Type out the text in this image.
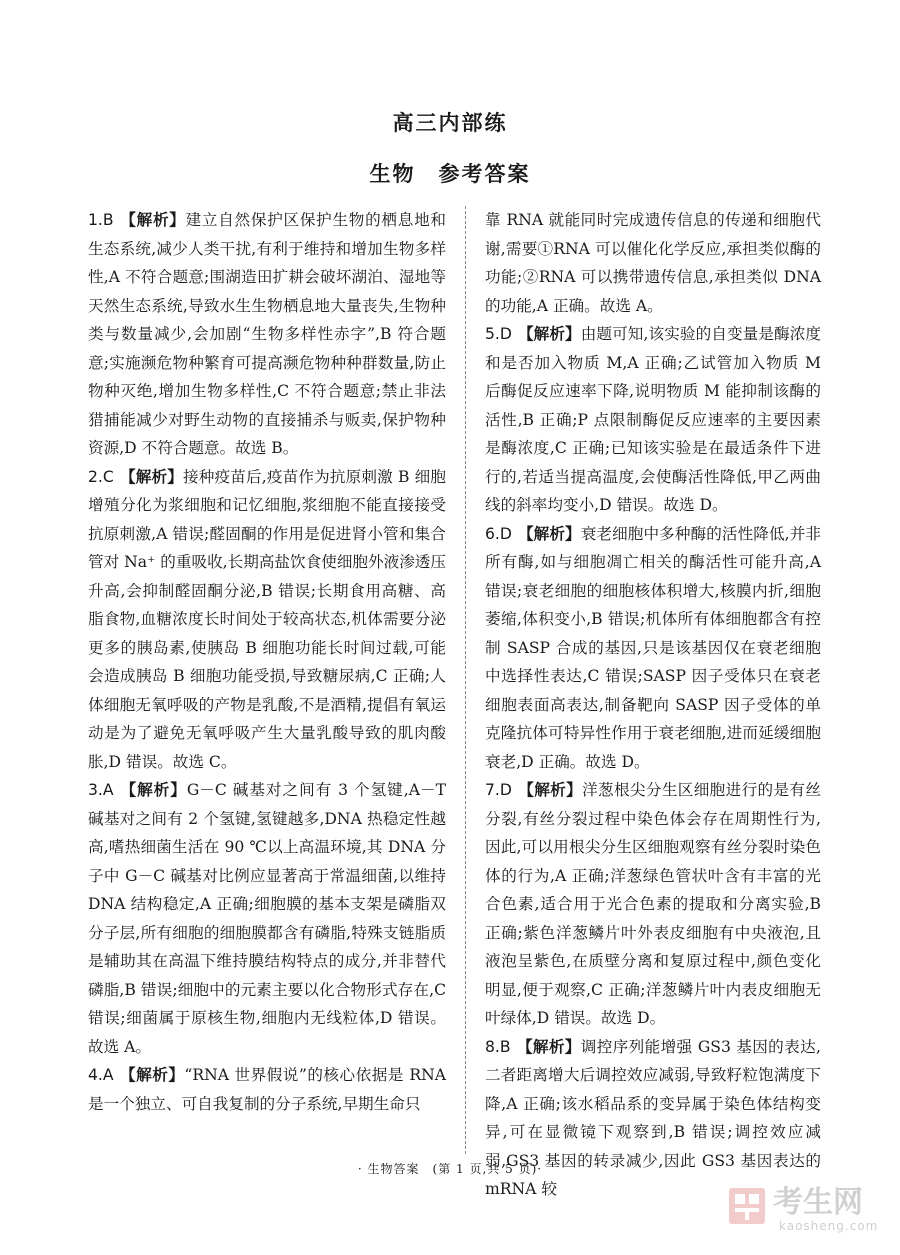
高三内部练
生物　参考答案

1.B 【解析】建立自然保护区保护生物的栖息地和生态系统,减少人类干扰,有利于维持和增加生物多样性,A 不符合题意;围湖造田扩耕会破坏湖泊、湿地等天然生态系统,导致水生生物栖息地大量丧失,生物种类与数量减少,会加剧“生物多样性赤字”,B 符合题意;实施濒危物种繁育可提高濒危物种种群数量,防止物种灭绝,增加生物多样性,C 不符合题意;禁止非法猎捕能减少对野生动物的直接捕杀与贩卖,保护物种资源,D 不符合题意。故选 B。

2.C 【解析】接种疫苗后,疫苗作为抗原刺激 B 细胞增殖分化为浆细胞和记忆细胞,浆细胞不能直接接受抗原刺激,A 错误;醛固酮的作用是促进肾小管和集合管对 Na⁺ 的重吸收,长期高盐饮食使细胞外液渗透压升高,会抑制醛固酮分泌,B 错误;长期食用高糖、高脂食物,血糖浓度长时间处于较高状态,机体需要分泌更多的胰岛素,使胰岛 B 细胞功能长时间过载,可能会造成胰岛 B 细胞功能受损,导致糖尿病,C 正确;人体细胞无氧呼吸的产物是乳酸,不是酒精,提倡有氧运动是为了避免无氧呼吸产生大量乳酸导致的肌肉酸胀,D 错误。故选 C。

3.A 【解析】G－C 碱基对之间有 3 个氢键,A－T 碱基对之间有 2 个氢键,氢键越多,DNA 热稳定性越高,嗜热细菌生活在 90 ℃以上高温环境,其 DNA 分子中 G－C 碱基对比例应显著高于常温细菌,以维持 DNA 结构稳定,A 正确;细胞膜的基本支架是磷脂双分子层,所有细胞的细胞膜都含有磷脂,特殊支链脂质是辅助其在高温下维持膜结构特点的成分,并非替代磷脂,B 错误;细胞中的元素主要以化合物形式存在,C 错误;细菌属于原核生物,细胞内无线粒体,D 错误。故选 A。

4.A 【解析】“RNA 世界假说”的核心依据是 RNA 是一个独立、可自我复制的分子系统,早期生命只

靠 RNA 就能同时完成遗传信息的传递和细胞代谢,需要①RNA 可以催化化学反应,承担类似酶的功能;②RNA 可以携带遗传信息,承担类似 DNA 的功能,A 正确。故选 A。

5.D 【解析】由题可知,该实验的自变量是酶浓度和是否加入物质 M,A 正确;乙试管加入物质 M 后酶促反应速率下降,说明物质 M 能抑制该酶的活性,B 正确;P 点限制酶促反应速率的主要因素是酶浓度,C 正确;已知该实验是在最适条件下进行的,若适当提高温度,会使酶活性降低,甲乙两曲线的斜率均变小,D 错误。故选 D。

6.D 【解析】衰老细胞中多种酶的活性降低,并非所有酶,如与细胞凋亡相关的酶活性可能升高,A 错误;衰老细胞的细胞核体积增大,核膜内折,细胞萎缩,体积变小,B 错误;机体所有体细胞都含有控制 SASP 合成的基因,只是该基因仅在衰老细胞中选择性表达,C 错误;SASP 因子受体只在衰老细胞表面高表达,制备靶向 SASP 因子受体的单克隆抗体可特异性作用于衰老细胞,进而延缓细胞衰老,D 正确。故选 D。

7.D 【解析】洋葱根尖分生区细胞进行的是有丝分裂,有丝分裂过程中染色体会存在周期性行为,因此,可以用根尖分生区细胞观察有丝分裂时染色体的行为,A 正确;洋葱绿色管状叶含有丰富的光合色素,适合用于光合色素的提取和分离实验,B 正确;紫色洋葱鳞片叶外表皮细胞有中央液泡,且液泡呈紫色,在质壁分离和复原过程中,颜色变化明显,便于观察,C 正确;洋葱鳞片叶内表皮细胞无叶绿体,D 错误。故选 D。

8.B 【解析】调控序列能增强 GS3 基因的表达,二者距离增大后调控效应减弱,导致籽粒饱满度下降,A 正确;该水稻品系的变异属于染色体结构变异,可在显微镜下观察到,B 错误;调控效应减弱,GS3 基因的转录减少,因此 GS3 基因表达的 mRNA 较

· 生物答案　(第 1 页,共 5 页)·
考生网
kaosheng.com
